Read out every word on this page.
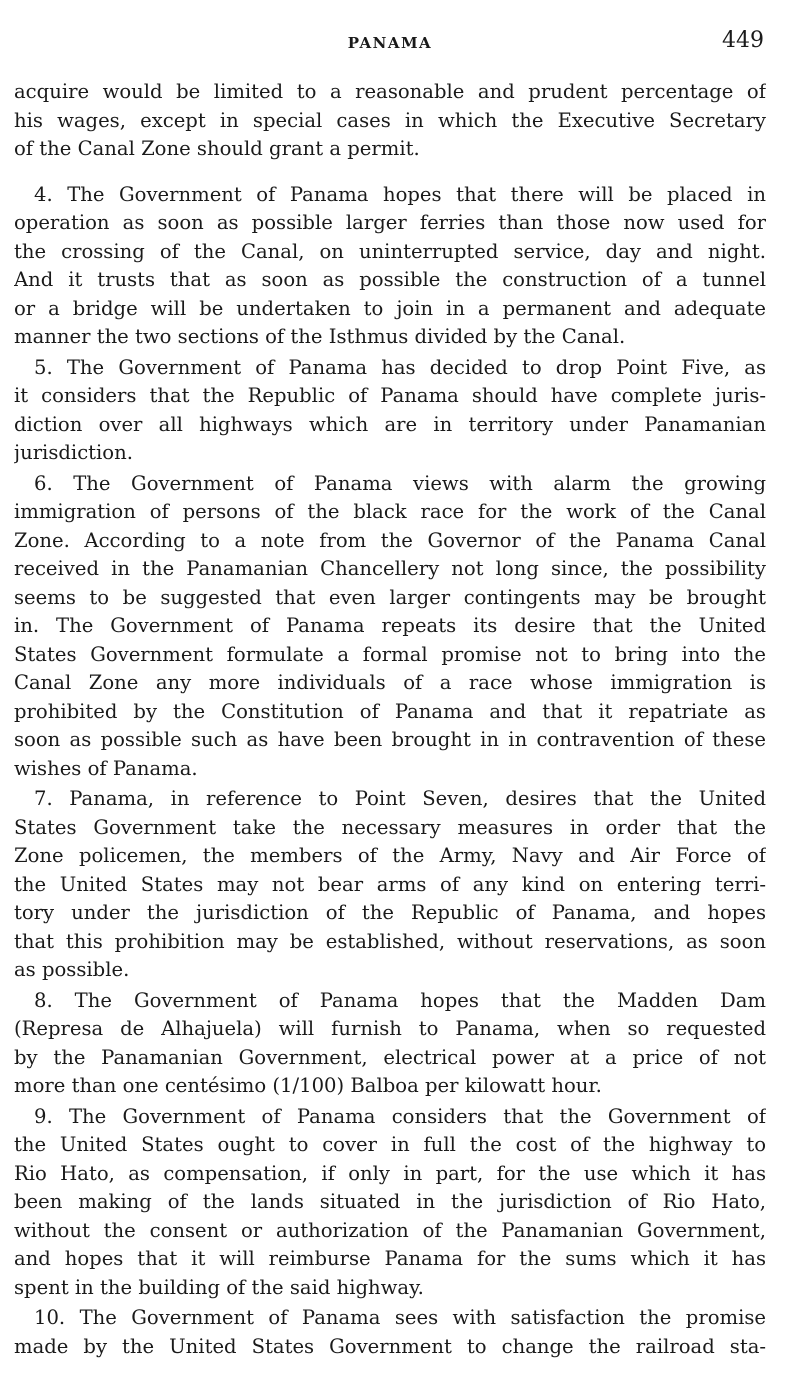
PANAMA	449
acquire would be limited to a reasonable and prudent percentage of
his wages, except in special cases in which the Executive Secretary
of the Canal Zone should grant a permit.
4. The Government of Panama hopes that there will be placed in
operation as soon as possible larger ferries than those now used for
the crossing of the Canal, on uninterrupted service, day and night.
And it trusts that as soon as possible the construction of a tunnel
or a bridge will be undertaken to join in a permanent and adequate
manner the two sections of the Isthmus divided by the Canal.
5. The Government of Panama has decided to drop Point Five, as
it considers that the Republic of Panama should have complete juris-
diction over all highways which are in territory under Panamanian
jurisdiction.
6. The Government of Panama views with alarm the growing
immigration of persons of the black race for the work of the Canal
Zone. According to a note from the Governor of the Panama Canal
received in the Panamanian Chancellery not long since, the possibility
seems to be suggested that even larger contingents may be brought
in. The Government of Panama repeats its desire that the United
States Government formulate a formal promise not to bring into the
Canal Zone any more individuals of a race whose immigration is
prohibited by the Constitution of Panama and that it repatriate as
soon as possible such as have been brought in in contravention of these
wishes of Panama.
7. Panama, in reference to Point Seven, desires that the United
States Government take the necessary measures in order that the
Zone policemen, the members of the Army, Navy and Air Force of
the United States may not bear arms of any kind on entering terri-
tory under the jurisdiction of the Republic of Panama, and hopes
that this prohibition may be established, without reservations, as soon
as possible.
8. The Government of Panama hopes that the Madden Dam
(Represa de Alhajuela) will furnish to Panama, when so requested
by the Panamanian Government, electrical power at a price of not
more than one centésimo (1/100) Balboa per kilowatt hour.
9. The Government of Panama considers that the Government of
the United States ought to cover in full the cost of the highway to
Rio Hato, as compensation, if only in part, for the use which it has
been making of the lands situated in the jurisdiction of Rio Hato,
without the consent or authorization of the Panamanian Government,
and hopes that it will reimburse Panama for the sums which it has
spent in the building of the said highway.
10. The Government of Panama sees with satisfaction the promise
made by the United States Government to change the railroad sta-
